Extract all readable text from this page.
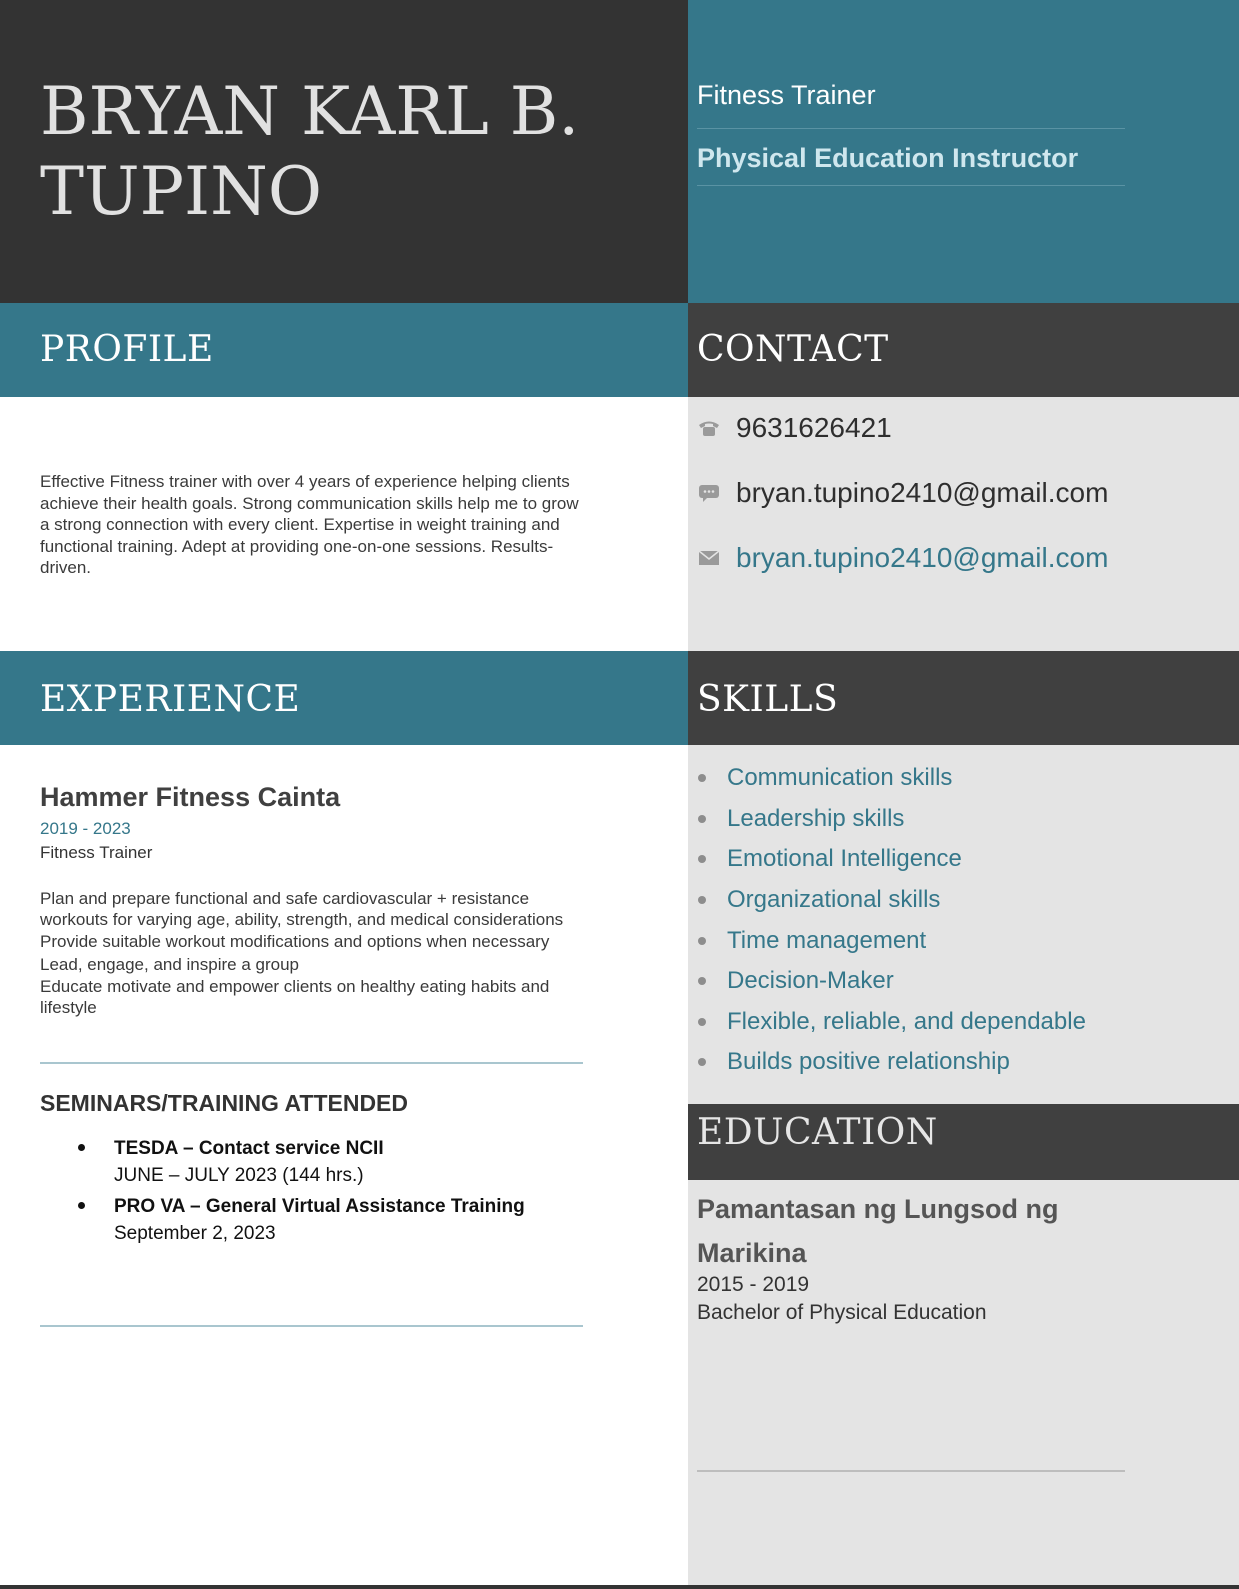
BRYAN KARL B.
TUPINO
Fitness Trainer
Physical Education Instructor
PROFILE	CONTACT
EXPERIENCE	SKILLS
EDUCATION
Effective Fitness trainer with over 4 years of experience helping clients achieve their health goals. Strong communication skills help me to grow a strong connection with every client. Expertise in weight training and functional training. Adept at providing one-on-one sessions. Results-driven.
9631626421
bryan.tupino2410@gmail.com
bryan.tupino2410@gmail.com
Hammer Fitness Cainta
2019 - 2023
Fitness Trainer
Plan and prepare functional and safe cardiovascular + resistance workouts for varying age, ability, strength, and medical considerations
Provide suitable workout modifications and options when necessary
Lead, engage, and inspire a group
Educate motivate and empower clients on healthy eating habits and lifestyle
SEMINARS/TRAINING ATTENDED
TESDA – Contact service NCII
JUNE – JULY 2023 (144 hrs.)
PRO VA – General Virtual Assistance Training
September 2, 2023
Communication skills
Leadership skills
Emotional Intelligence
Organizational skills
Time management
Decision-Maker
Flexible, reliable, and dependable
Builds positive relationship
Pamantasan ng Lungsod ng Marikina
2015 - 2019
Bachelor of Physical Education
